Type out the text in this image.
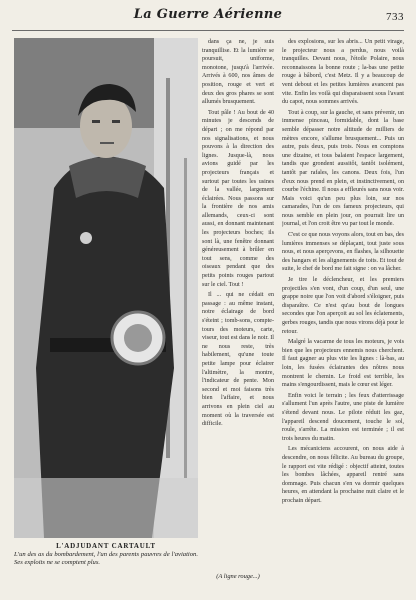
La Guerre Aérienne	733
L'ADJUDANT CARTAULT
L'un des as du bombardement, l'un des parents pauvres de l'aviation. Ses exploits ne se comptent plus.

dans ça ne, je suis tranquillise. Et la lumière se poursuit, uniforme, monotone, jusqu'à l'arrivée. Arrivés à 600, nos âmes de position, rouge et vert et deux des gros phares se sont allumés brusquement.

Tout pâle ! Au bout de 40 minutes je descends de départ ; on me répond par nos signalisations, et nous pouvons à la direction des lignes. Jusque-là, nous avions guidé par les projecteurs français et surtout par toutes les usines de la vallée, largement éclairées. Nous passons sur la frontière de nos amis allemands, ceux-ci sont aussi, en donnant maintenant les projecteurs boches; ils sont là, une fenêtre donnant généreusement à brûler en tout sens, comme des oiseaux pendant que des petits points rouges partout sur le ciel. Tout !

Il ... qui ne cédait en passage : au même instant, notre éclairage de bord s'éteint ; tomb-sons, compte-tours des moteurs, carte, viseur, tout est dans le noir. Il ne nous reste, très habilement, qu'une toute petite lampe pour éclairer l'altimètre, la montre, l'indicateur de pente. Mon second et moi faisons très bien l'affaire, et nous arrivons en plein ciel au moment où la traversée est difficile.

(A ligne rouge...)

des explosions, sur les abris... Un petit virage, le projecteur nous a perdus, nous voilà tranquilles. Devant nous, l'étoile Polaire, nous reconnaissons la bonne route ; la-bas une petite rouge à bâbord, c'est Metz. Il y a beaucoup de vent debout et les petites lumières avancent pas vite. Enfin les voilà qui disparaissent sous l'avant du capot, nous sommes arrivés.

Tout à coup, sur la gauche, et sans prévenir, un immense pinceau, formidable, dont la base semble dépasser notre altitude de milliers de mètres encore, s'allume brusquement... Puis un autre, puis deux, puis trois. Nous en comptons une dizaine, et tous balaient l'espace largement, tandis que grondent aussitôt, tantôt isolément, tantôt par rafales, les canons. Deux fois, l'un d'eux nous prend en plein, et instinctivement, on courbe l'échine. Il nous a effleurés sans nous voir. Mais voici qu'un peu plus loin, sur nos camarades, l'un de ces fameux projecteurs, qui nous semble en plein jour, on pourrait lire un journal, et l'on croit être vu par tout le monde.

C'est ce que nous voyons alors, tout en bas, des lumières immenses se déplaçant, tout juste sous nous, et nous aperçevons, en flashes, la silhouette des hangars et les alignements de toits. Et tout de suite, le chef de bord me fait signe : on va lâcher.

Je tire le déclencheur, et les premiers projectiles s'en vont, d'un coup, d'un seul, une grappe noire que l'on voit d'abord s'éloigner, puis disparaître. Ce n'est qu'au bout de longues secondes que l'on aperçoit au sol les éclatements, gerbes rouges, tandis que nous virons déjà pour le retour.

Malgré la vacarme de tous les moteurs, je vois bien que les projecteurs ennemis nous cherchent. Il faut gagner au plus vite les lignes : là-bas, au loin, les fusées éclairantes des nôtres nous montrent le chemin. Le froid est terrible, les mains s'engourdissent, mais le cœur est léger.

Enfin voici le terrain ; les feux d'atterrissage s'allument l'un après l'autre, une piste de lumière s'étend devant nous. Le pilote réduit les gaz, l'appareil descend doucement, touche le sol, roule, s'arrête. La mission est terminée ; il est trois heures du matin.

Les mécaniciens accourent, on nous aide à descendre, on nous félicite. Au bureau du groupe, le rapport est vite rédigé : objectif atteint, toutes les bombes lâchées, appareil rentré sans dommage. Puis chacun s'en va dormir quelques heures, en attendant la prochaine nuit claire et le prochain départ.
